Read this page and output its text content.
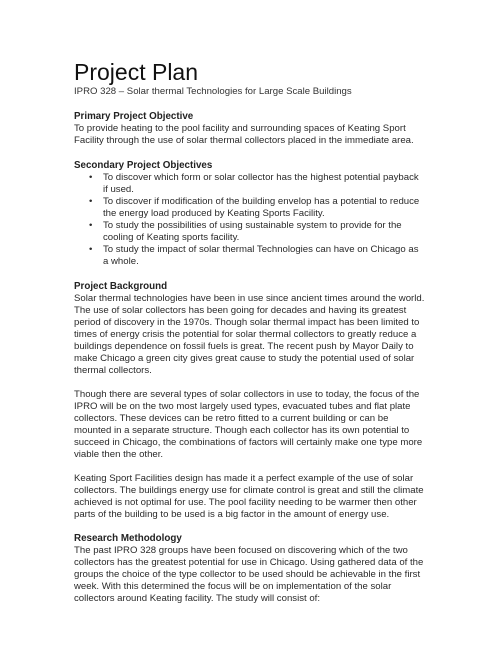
Project Plan
IPRO 328 – Solar thermal Technologies for Large Scale Buildings
Primary Project Objective

To provide heating to the pool facility and surrounding spaces of Keating Sport Facility through the use of solar thermal collectors placed in the immediate area.

Secondary Project Objectives
• To discover which form or solar collector has the highest potential payback if used.
• To discover if modification of the building envelop has a potential to reduce the energy load produced by Keating Sports Facility.
• To study the possibilities of using sustainable system to provide for the cooling of Keating sports facility.
• To study the impact of solar thermal Technologies can have on Chicago as a whole.
Project Background

Solar thermal technologies have been in use since ancient times around the world. The use of solar collectors has been going for decades and having its greatest period of discovery in the 1970s. Though solar thermal impact has been limited to times of energy crisis the potential for solar thermal collectors to greatly reduce a buildings dependence on fossil fuels is great. The recent push by Mayor Daily to make Chicago a green city gives great cause to study the potential used of solar thermal collectors.

Though there are several types of solar collectors in use to today, the focus of the IPRO will be on the two most largely used types, evacuated tubes and flat plate collectors. These devices can be retro fitted to a current building or can be mounted in a separate structure. Though each collector has its own potential to succeed in Chicago, the combinations of factors will certainly make one type more viable then the other.

Keating Sport Facilities design has made it a perfect example of the use of solar collectors. The buildings energy use for climate control is great and still the climate achieved is not optimal for use. The pool facility needing to be warmer then other parts of the building to be used is a big factor in the amount of energy use.

Research Methodology

The past IPRO 328 groups have been focused on discovering which of the two collectors has the greatest potential for use in Chicago. Using gathered data of the groups the choice of the type collector to be used should be achievable in the first week. With this determined the focus will be on implementation of the solar collectors around Keating facility. The study will consist of:
